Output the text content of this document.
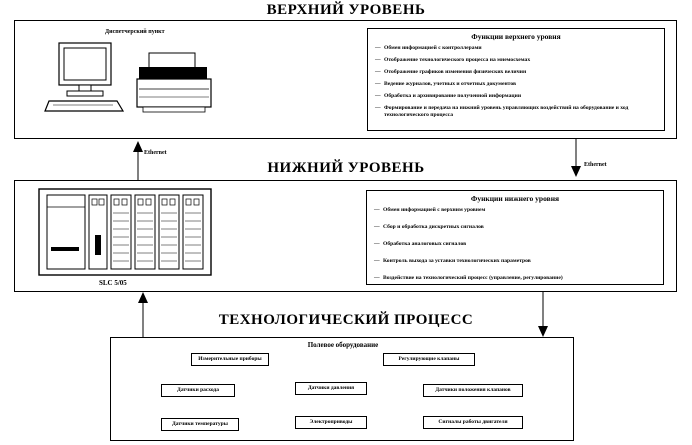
ВЕРХНИЙ УРОВЕНЬ
Диспетчерский пункт	Функции верхнего уровня
— Обмен информацией с контроллерами
— Отображение технологического процесса на мнемосхемах
— Отображение графиков изменения физических величин
— Ведение журналов, учетных и отчетных документов
— Обработка и архивирование полученной информации
— Формирование и передача на нижний уровень управляющих воздействий на оборудование и ход технологического процесса
Ethernet
Ethernet
НИЖНИЙ УРОВЕНЬ
SLC 5/05
Функции нижнего уровня
— Обмен информацией с верхним уровнем
— Сбор и обработка дискретных сигналов
— Обработка аналоговых сигналов
— Контроль выхода за уставки технологических параметров
— Воздействие на технологический процесс (управление, регулирование)
ТЕХНОЛОГИЧЕСКИЙ ПРОЦЕСС
Полевое оборудование
Измерительные приборы	Регулирующие клапаны
Датчики расхода	Датчики давления	Датчики положения клапанов
Датчики температуры	Электроприводы	Сигналы работы двигателя
